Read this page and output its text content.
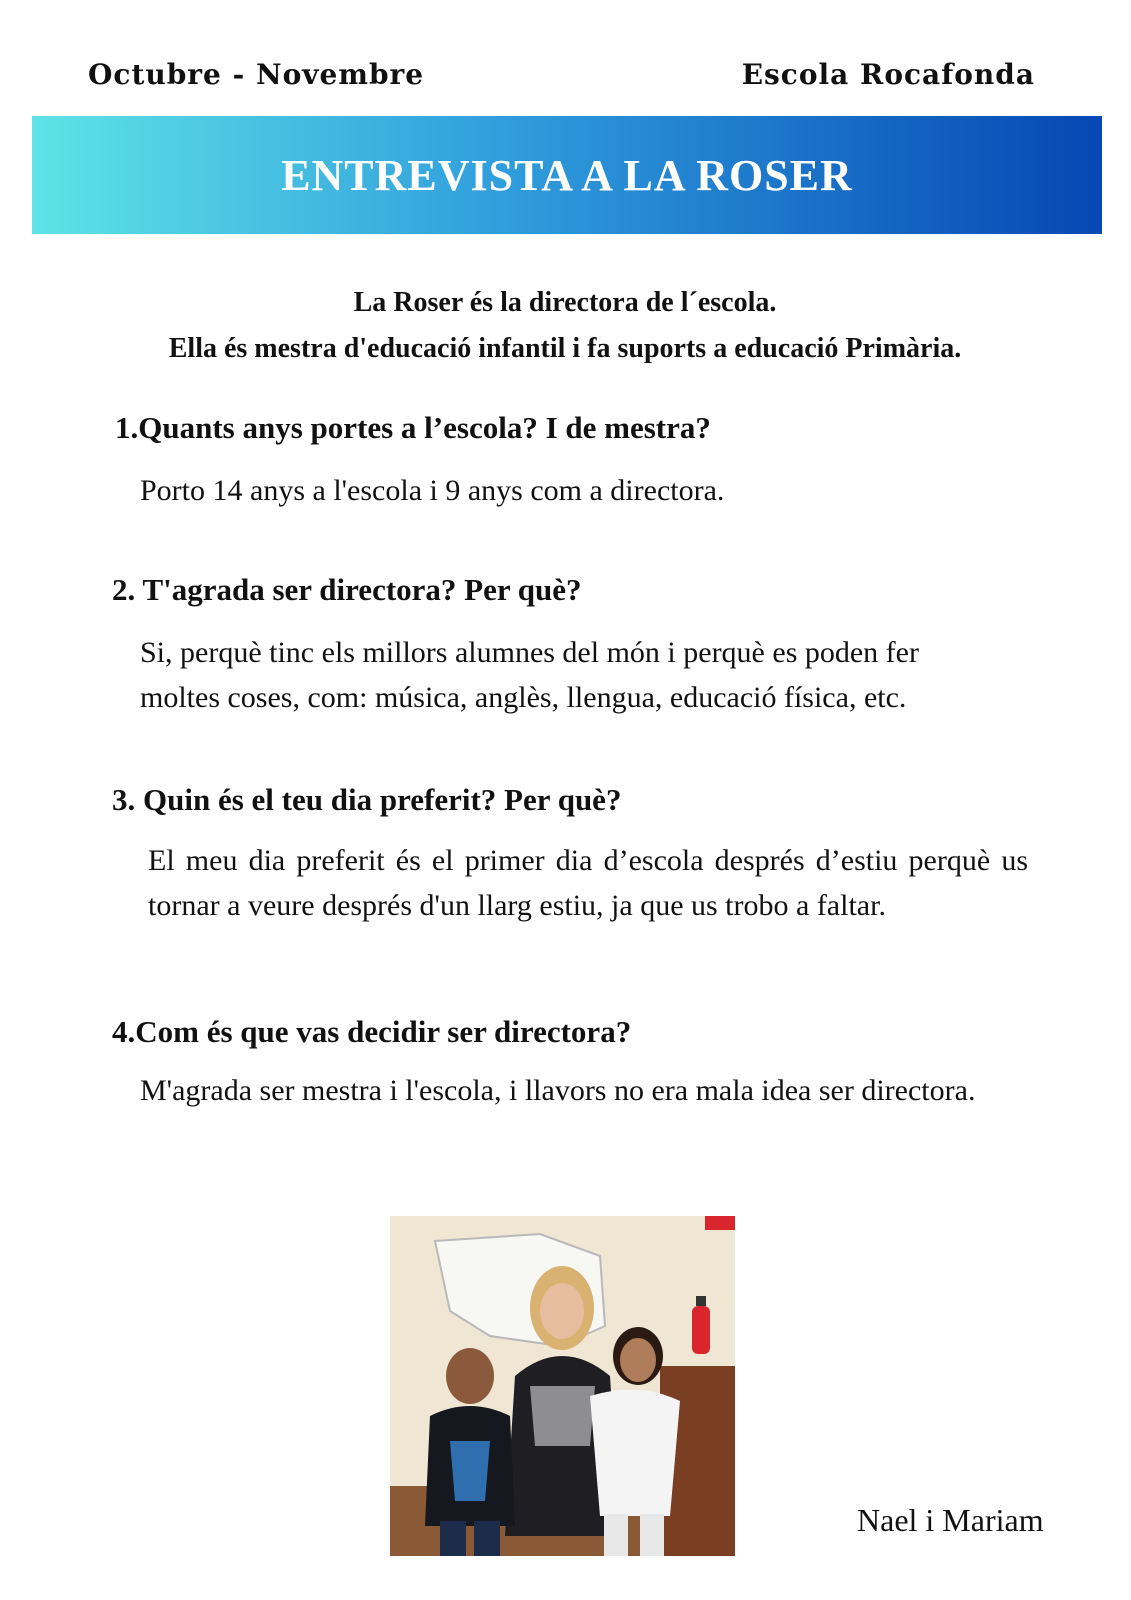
Octubre - Novembre	Escola Rocafonda
ENTREVISTA A LA ROSER
La Roser és la directora de l´escola.
Ella és mestra d'educació infantil i fa suports a educació Primària.
1.Quants anys portes a l’escola? I de mestra?
Porto 14 anys a l'escola i 9 anys com a directora.
2. T'agrada ser directora? Per què?
Si, perquè tinc els millors alumnes del món i perquè es poden fer
moltes coses, com: música, anglès, llengua, educació física, etc.
3. Quin és el teu dia preferit? Per què?
El meu dia preferit és el primer dia d’escola després d’estiu perquè us tornar a veure després d'un llarg estiu, ja que us trobo a faltar.
4.Com és que vas decidir ser directora?
M'agrada ser mestra i l'escola, i llavors no era mala idea ser directora.
Nael i Mariam
